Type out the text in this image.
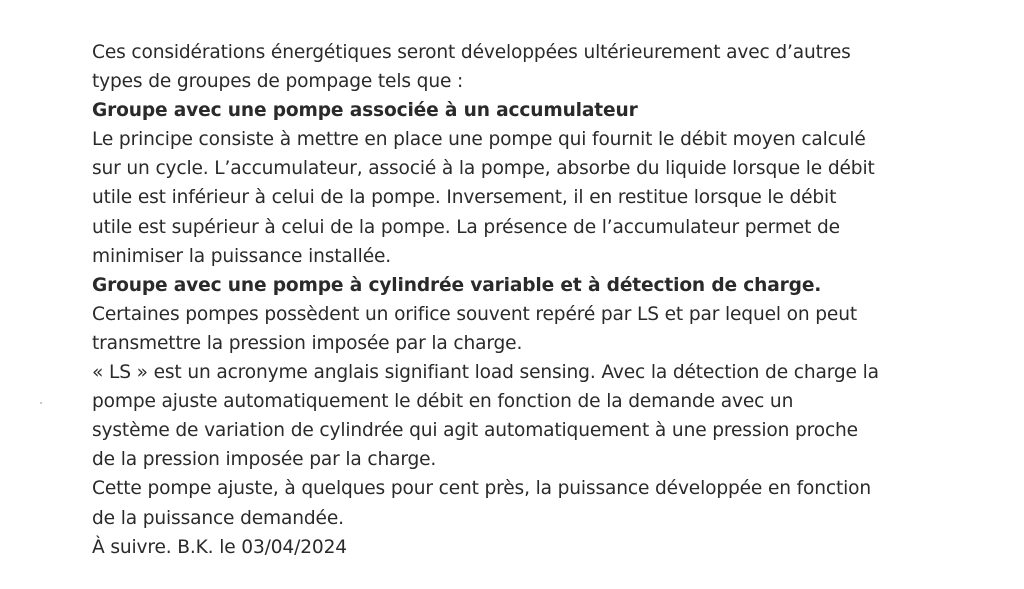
Ces considérations énergétiques seront développées ultérieurement avec d’autres
types de groupes de pompage tels que :
Groupe avec une pompe associée à un accumulateur
Le principe consiste à mettre en place une pompe qui fournit le débit moyen calculé
sur un cycle. L’accumulateur, associé à la pompe, absorbe du liquide lorsque le débit
utile est inférieur à celui de la pompe. Inversement, il en restitue lorsque le débit
utile est supérieur à celui de la pompe. La présence de l’accumulateur permet de
minimiser la puissance installée.
Groupe avec une pompe à cylindrée variable et à détection de charge.
Certaines pompes possèdent un orifice souvent repéré par LS et par lequel on peut
transmettre la pression imposée par la charge.
« LS » est un acronyme anglais signifiant load sensing. Avec la détection de charge la
pompe ajuste automatiquement le débit en fonction de la demande avec un
système de variation de cylindrée qui agit automatiquement à une pression proche
de la pression imposée par la charge.
Cette pompe ajuste, à quelques pour cent près, la puissance développée en fonction
de la puissance demandée.
À suivre. B.K. le 03/04/2024
